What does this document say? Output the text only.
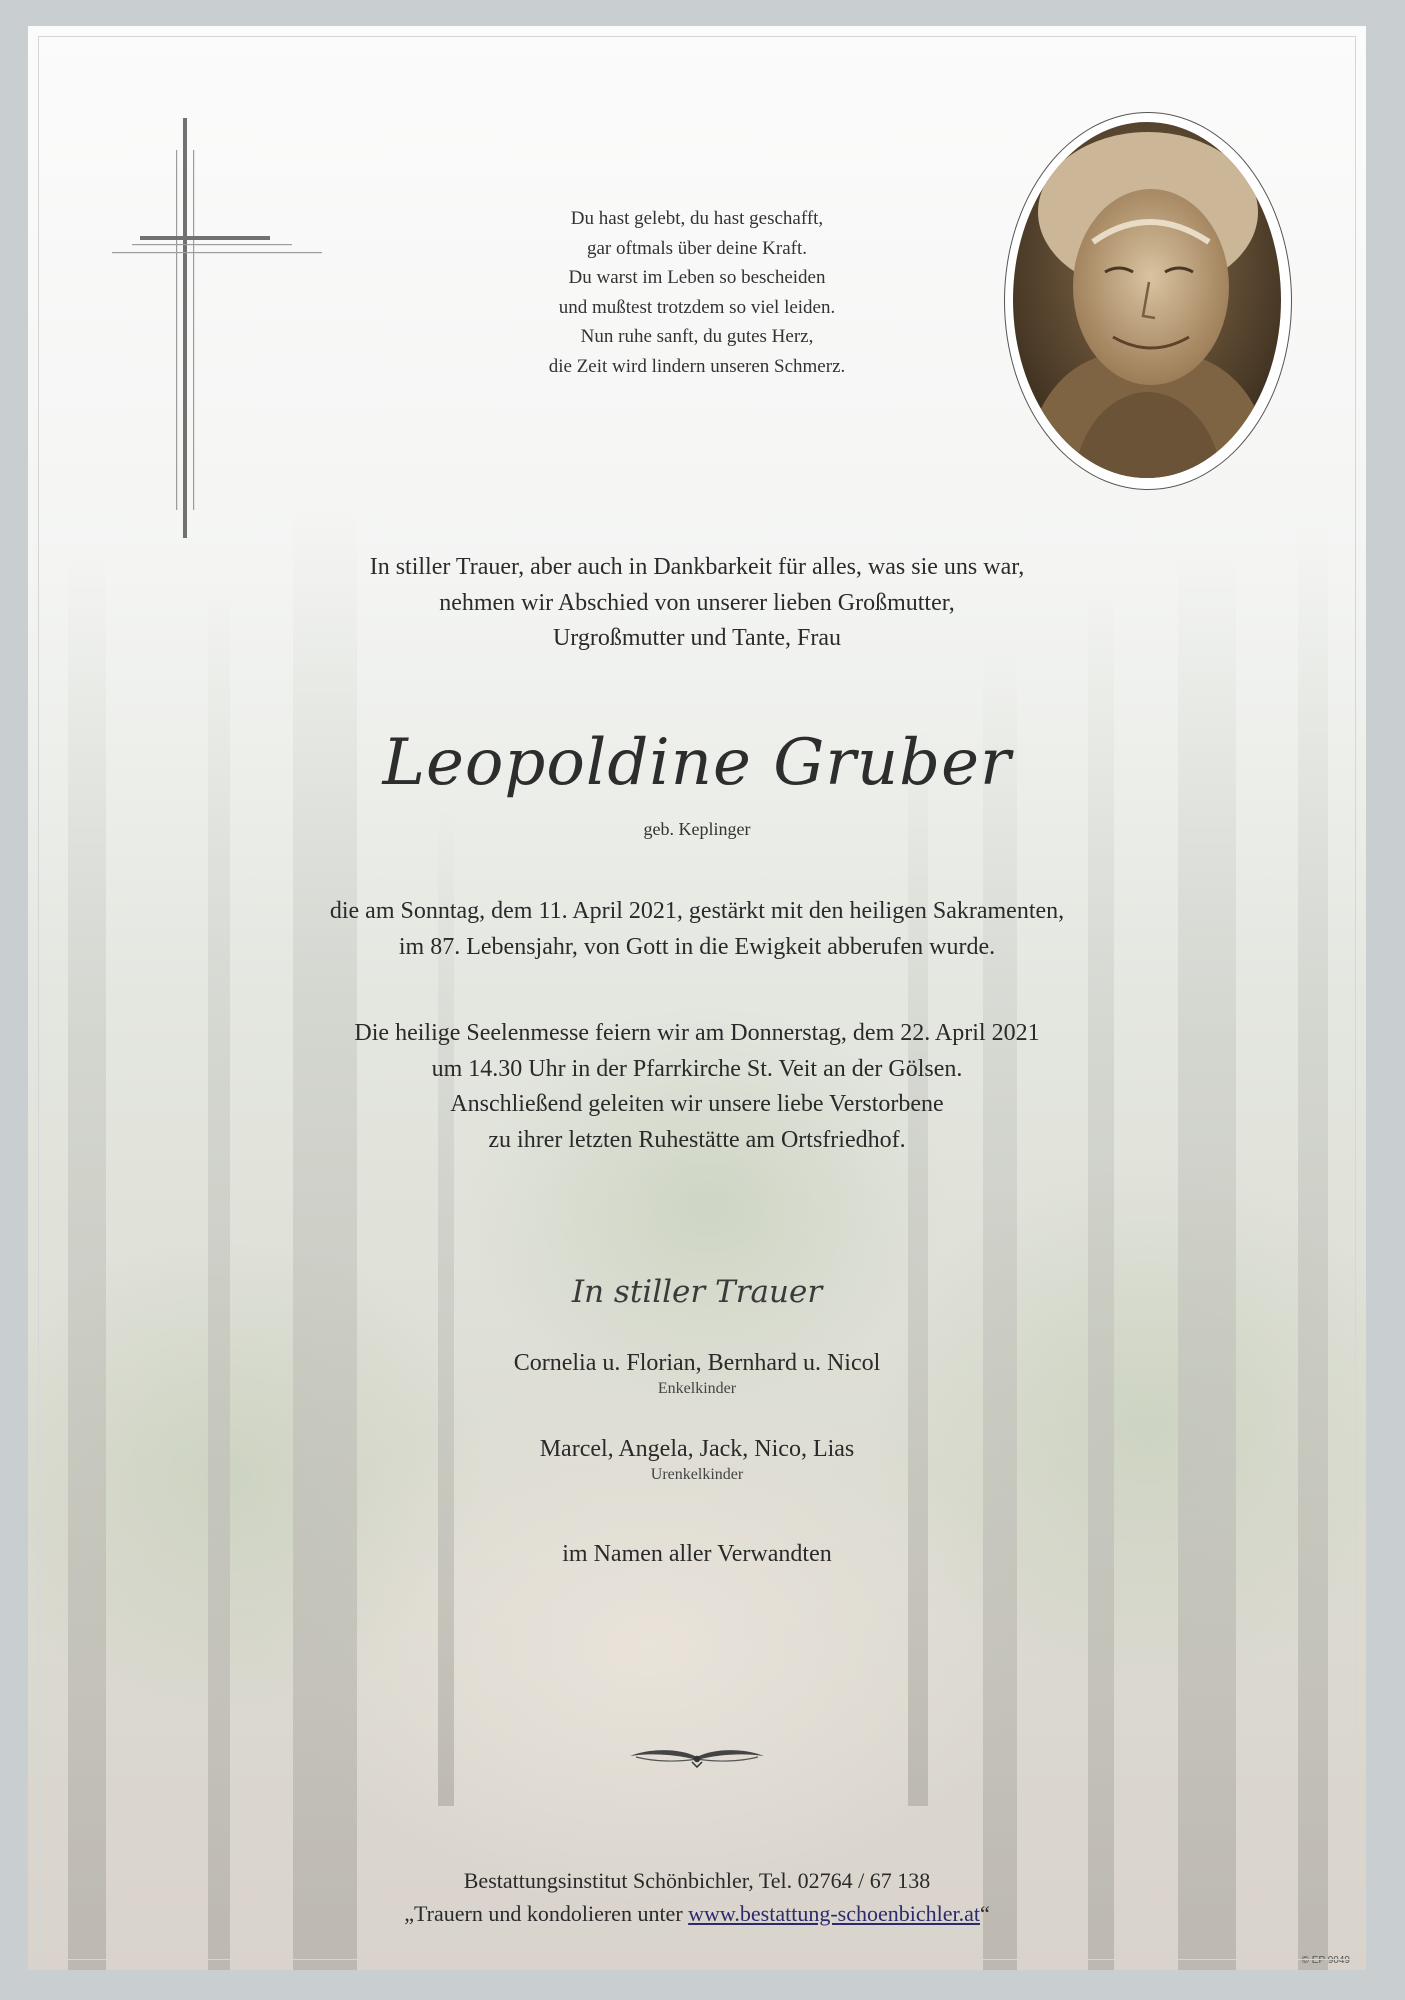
Du hast gelebt, du hast geschafft,
gar oftmals über deine Kraft.
Du warst im Leben so bescheiden
und mußtest trotzdem so viel leiden.
Nun ruhe sanft, du gutes Herz,
die Zeit wird lindern unseren Schmerz.
In stiller Trauer, aber auch in Dankbarkeit für alles, was sie uns war,
nehmen wir Abschied von unserer lieben Großmutter,
Urgroßmutter und Tante, Frau
Leopoldine Gruber
geb. Keplinger
die am Sonntag, dem 11. April 2021, gestärkt mit den heiligen Sakramenten,
im 87. Lebensjahr, von Gott in die Ewigkeit abberufen wurde.
Die heilige Seelenmesse feiern wir am Donnerstag, dem 22. April 2021
um 14.30 Uhr in der Pfarrkirche St. Veit an der Gölsen.
Anschließend geleiten wir unsere liebe Verstorbene
zu ihrer letzten Ruhestätte am Ortsfriedhof.
In stiller Trauer
Cornelia u. Florian, Bernhard u. Nicol
Enkelkinder
Marcel, Angela, Jack, Nico, Lias
Urenkelkinder
im Namen aller Verwandten
Bestattungsinstitut Schönbichler, Tel. 02764 / 67 138
„Trauern und kondolieren unter www.bestattung-schoenbichler.at“
© EP 9049
